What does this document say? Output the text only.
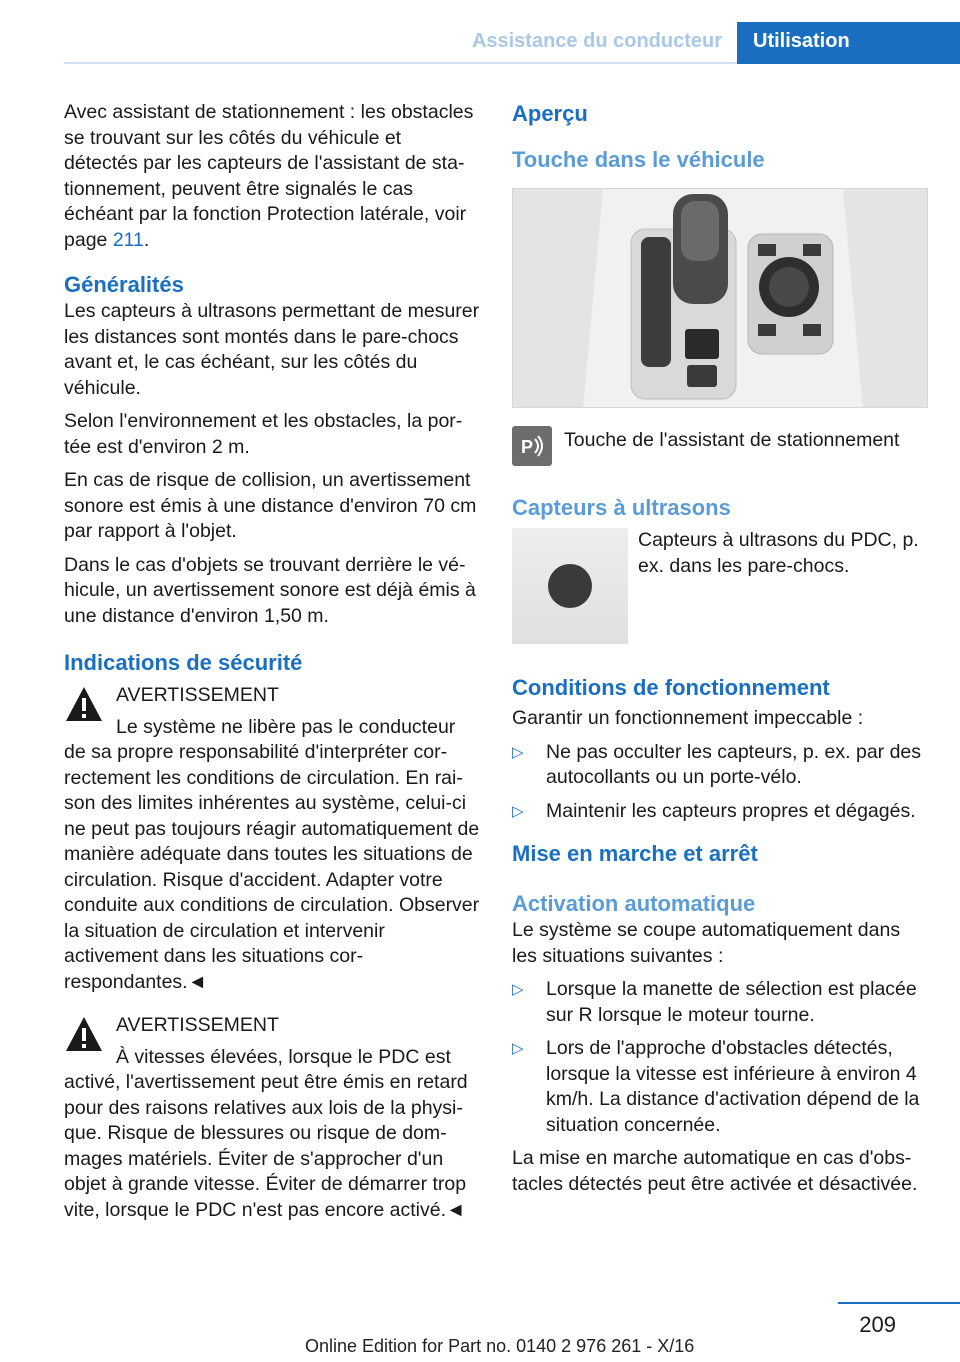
Assistance du conducteur	Utilisation

Avec assistant de stationnement : les obstacles se trouvant sur les côtés du véhicule et détectés par les capteurs de l'assistant de stationnement, peuvent être signalés le cas échéant par la fonction Protection latérale, voir page 211.

Généralités

Les capteurs à ultrasons permettant de mesurer les distances sont montés dans le pare-chocs avant et, le cas échéant, sur les côtés du véhicule.

Selon l'environnement et les obstacles, la portée est d'environ 2 m.

En cas de risque de collision, un avertissement sonore est émis à une distance d'environ 70 cm par rapport à l'objet.

Dans le cas d'objets se trouvant derrière le véhicule, un avertissement sonore est déjà émis à une distance d'environ 1,50 m.

Indications de sécurité
AVERTISSEMENT

Le système ne libère pas le conducteur de sa propre responsabilité d'interpréter correctement les conditions de circulation. En raison des limites inhérentes au système, celui-ci ne peut pas toujours réagir automatiquement de manière adéquate dans toutes les situations de circulation. Risque d'accident. Adapter votre conduite aux conditions de circulation. Observer la situation de circulation et intervenir activement dans les situations correspondantes.◄

AVERTISSEMENT

À vitesses élevées, lorsque le PDC est activé, l'avertissement peut être émis en retard pour des raisons relatives aux lois de la physique. Risque de blessures ou risque de dommages matériels. Éviter de s'approcher d'un objet à grande vitesse. Éviter de démarrer trop vite, lorsque le PDC n'est pas encore activé.◄

Aperçu
Touche dans le véhicule
P Touche de l'assistant de stationnement
Capteurs à ultrasons
Capteurs à ultrasons du PDC, p. ex. dans les pare-chocs.
Conditions de fonctionnement

Garantir un fonctionnement impeccable :

▷ Ne pas occulter les capteurs, p. ex. par des autocollants ou un porte-vélo.
▷ Maintenir les capteurs propres et dégagés.
Mise en marche et arrêt
Activation automatique

Le système se coupe automatiquement dans les situations suivantes :

▷ Lorsque la manette de sélection est placée sur R lorsque le moteur tourne.
▷ Lors de l'approche d'obstacles détectés, lorsque la vitesse est inférieure à environ 4 km/h. La distance d'activation dépend de la situation concernée.

La mise en marche automatique en cas d'obstacles détectés peut être activée et désactivée.

209
Online Edition for Part no. 0140 2 976 261 - X/16
